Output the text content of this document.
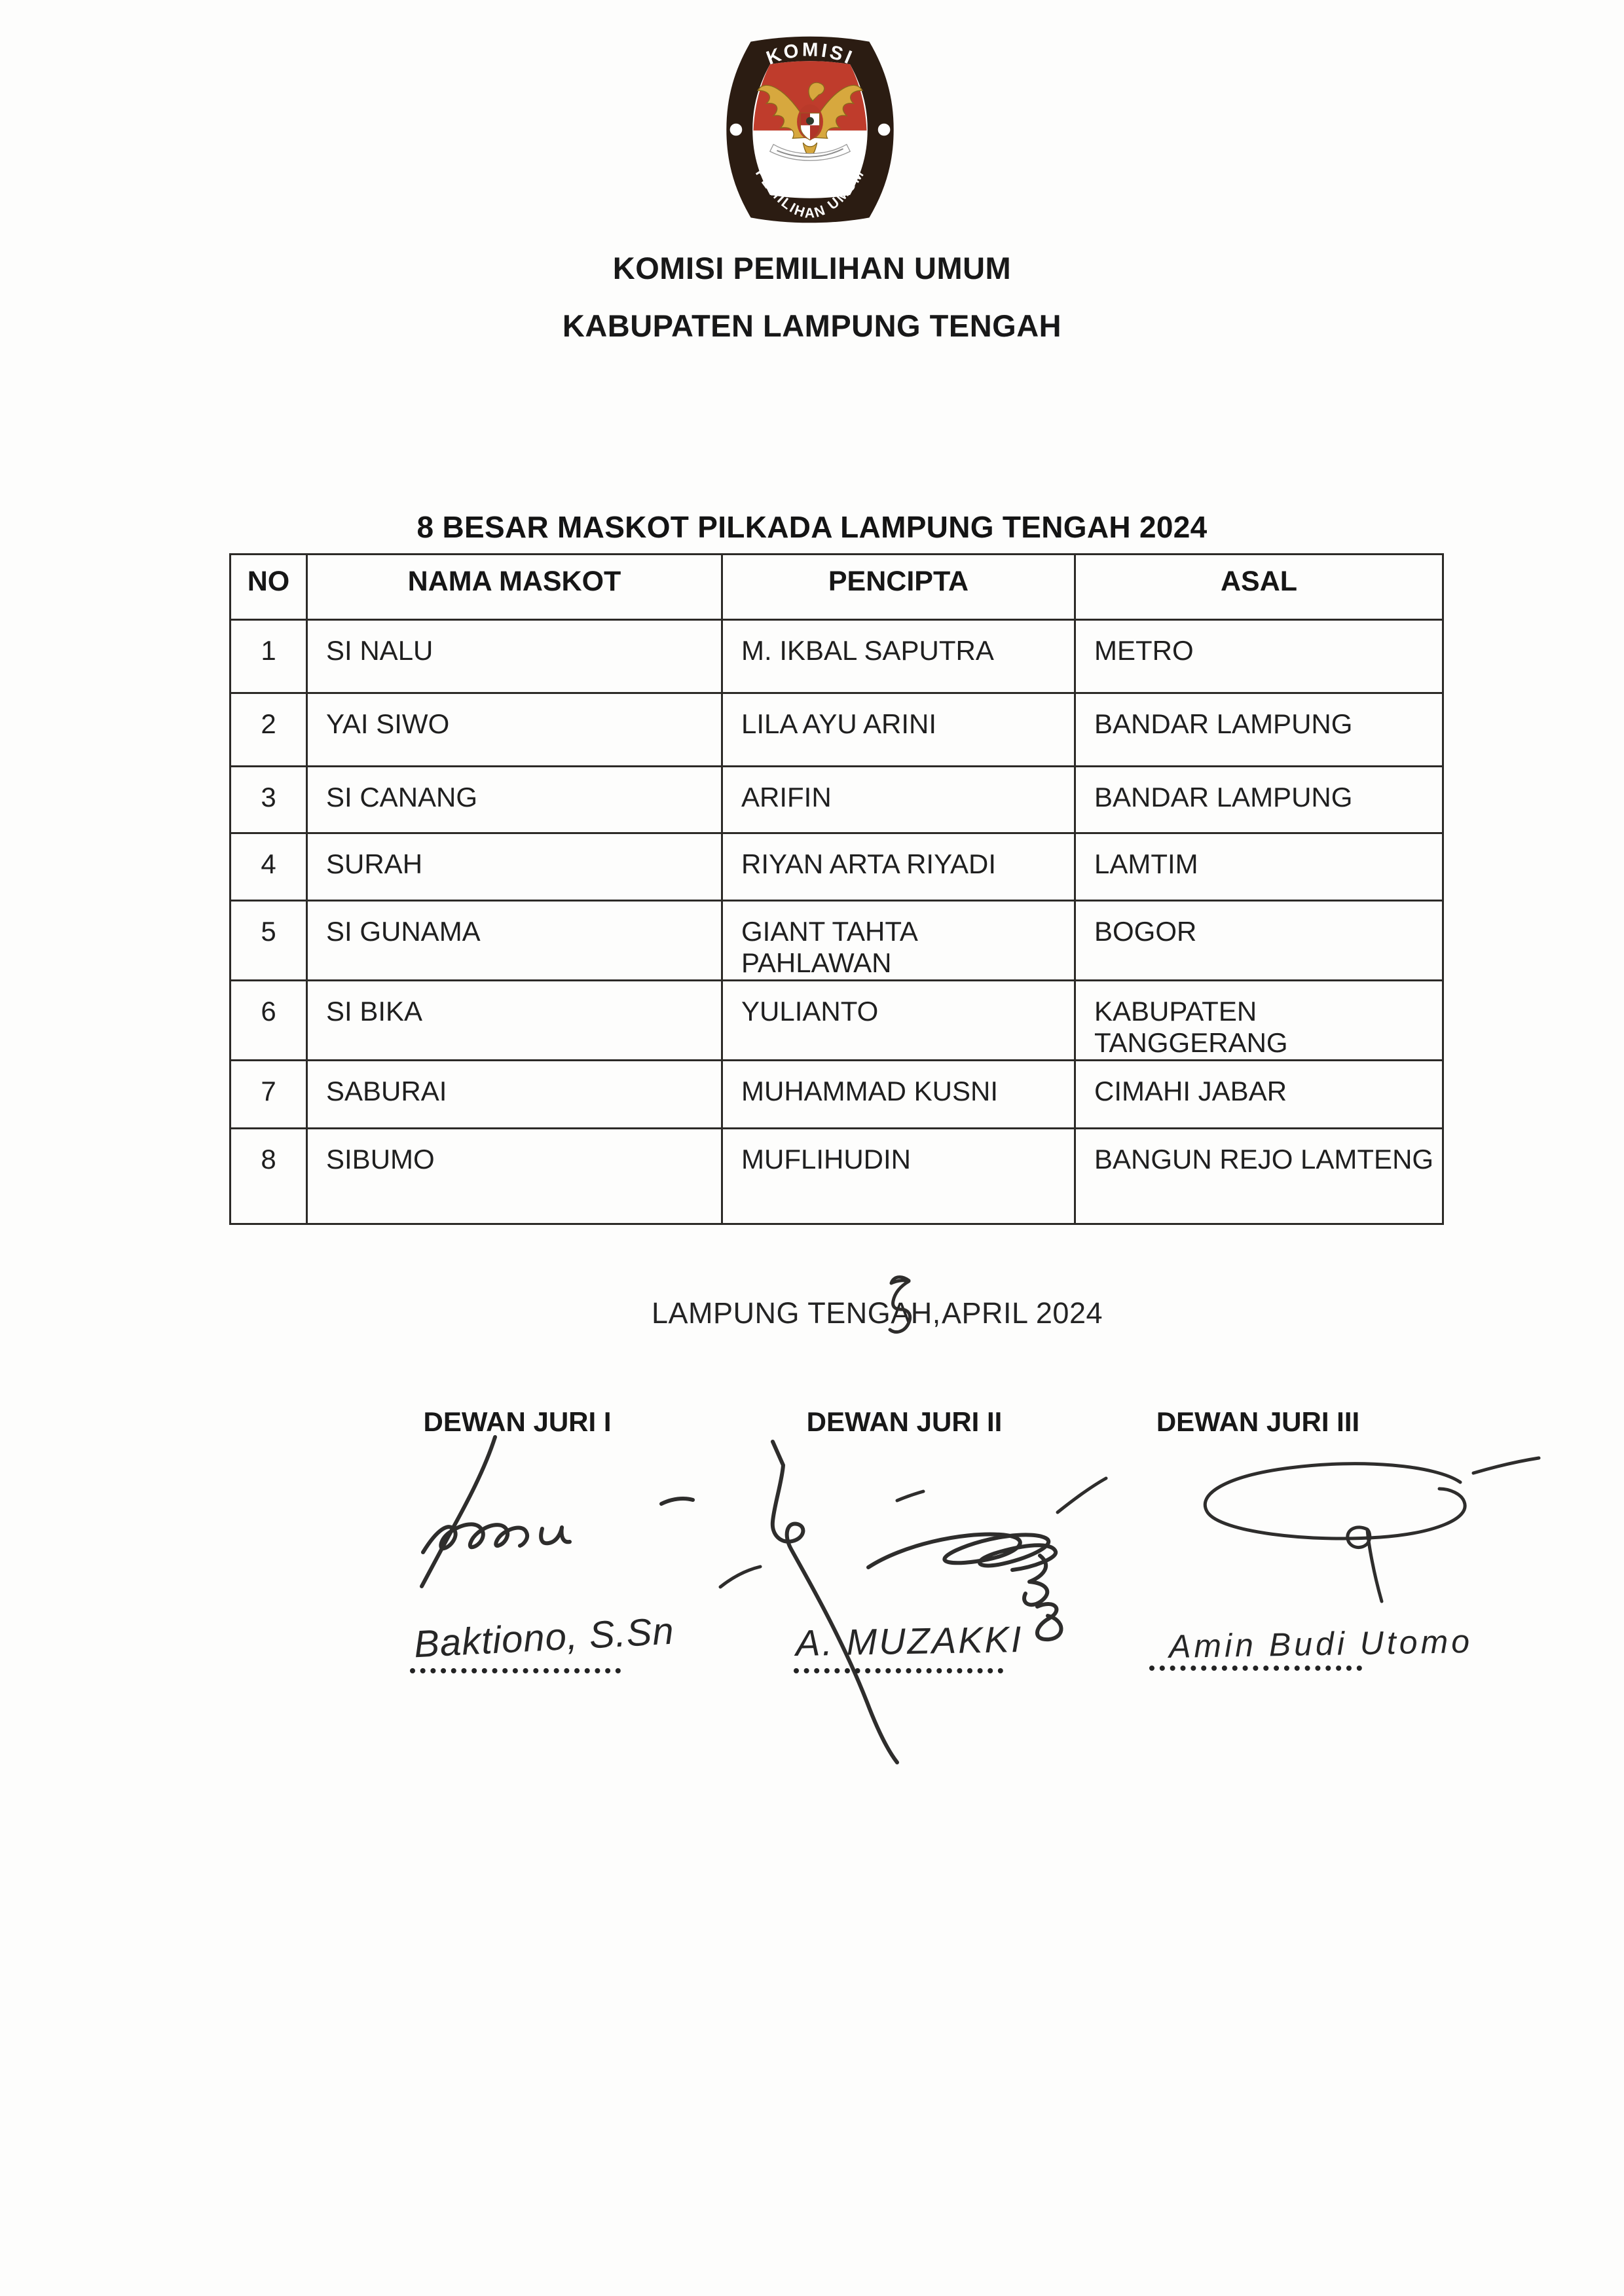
KOMISI
PEMILIHAN UMUM
KOMISI PEMILIHAN UMUM
KABUPATEN LAMPUNG TENGAH
8 BESAR MASKOT PILKADA LAMPUNG TENGAH 2024
NO	NAMA MASKOT	PENCIPTA	ASAL
1	SI NALU	M. IKBAL SAPUTRA	METRO
2	YAI SIWO	LILA AYU ARINI	BANDAR LAMPUNG
3	SI CANANG	ARIFIN	BANDAR LAMPUNG
4	SURAH	RIYAN ARTA RIYADI	LAMTIM
5	SI GUNAMA	GIANT TAHTA PAHLAWAN	BOGOR
6	SI BIKA	YULIANTO	KABUPATEN TANGGERANG
7	SABURAI	MUHAMMAD KUSNI	CIMAHI JABAR
8	SIBUMO	MUFLIHUDIN	BANGUN REJO LAMTENG
LAMPUNG TENGAH, APRIL 2024
DEWAN JURI I	DEWAN JURI II	DEWAN JURI III
Baktiono, S.Sn	A. MUZAKKI	Amin Budi Utomo
